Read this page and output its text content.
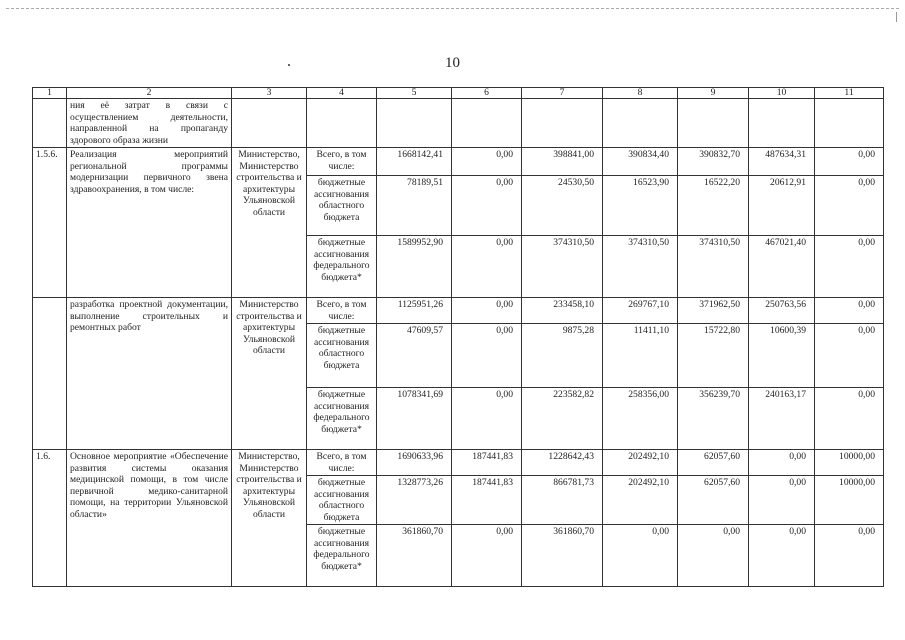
10
1	2	3	4	5	6	7	8	9	10	11
	ния её затрат в связи с осуществлением деятельности, направленной на пропаганду здорового образа жизни									
1.5.6.	Реализация мероприятий региональной программы модернизации первичного звена здравоохранения, в том числе:	Министерство, Министерство строительства и архитектуры Ульяновской области	Всего, в том числе:	1668142,41	0,00	398841,00	390834,40	390832,70	487634,31	0,00
			бюджетные ассигнования областного бюджета	78189,51	0,00	24530,50	16523,90	16522,20	20612,91	0,00
			бюджетные ассигнования федерального бюджета*	1589952,90	0,00	374310,50	374310,50	374310,50	467021,40	0,00
	разработка проектной документации, выполнение строительных и ремонтных работ	Министерство строительства и архитектуры Ульяновской области	Всего, в том числе:	1125951,26	0,00	233458,10	269767,10	371962,50	250763,56	0,00
			бюджетные ассигнования областного бюджета	47609,57	0,00	9875,28	11411,10	15722,80	10600,39	0,00
			бюджетные ассигнования федерального бюджета*	1078341,69	0,00	223582,82	258356,00	356239,70	240163,17	0,00
1.6.	Основное мероприятие «Обеспечение развития системы оказания медицинской помощи, в том числе первичной медико-санитарной помощи, на территории Ульяновской области»	Министерство, Министерство строительства и архитектуры Ульяновской области	Всего, в том числе:	1690633,96	187441,83	1228642,43	202492,10	62057,60	0,00	10000,00
			бюджетные ассигнования областного бюджета	1328773,26	187441,83	866781,73	202492,10	62057,60	0,00	10000,00
			бюджетные ассигнования федерального бюджета*	361860,70	0,00	361860,70	0,00	0,00	0,00	0,00
